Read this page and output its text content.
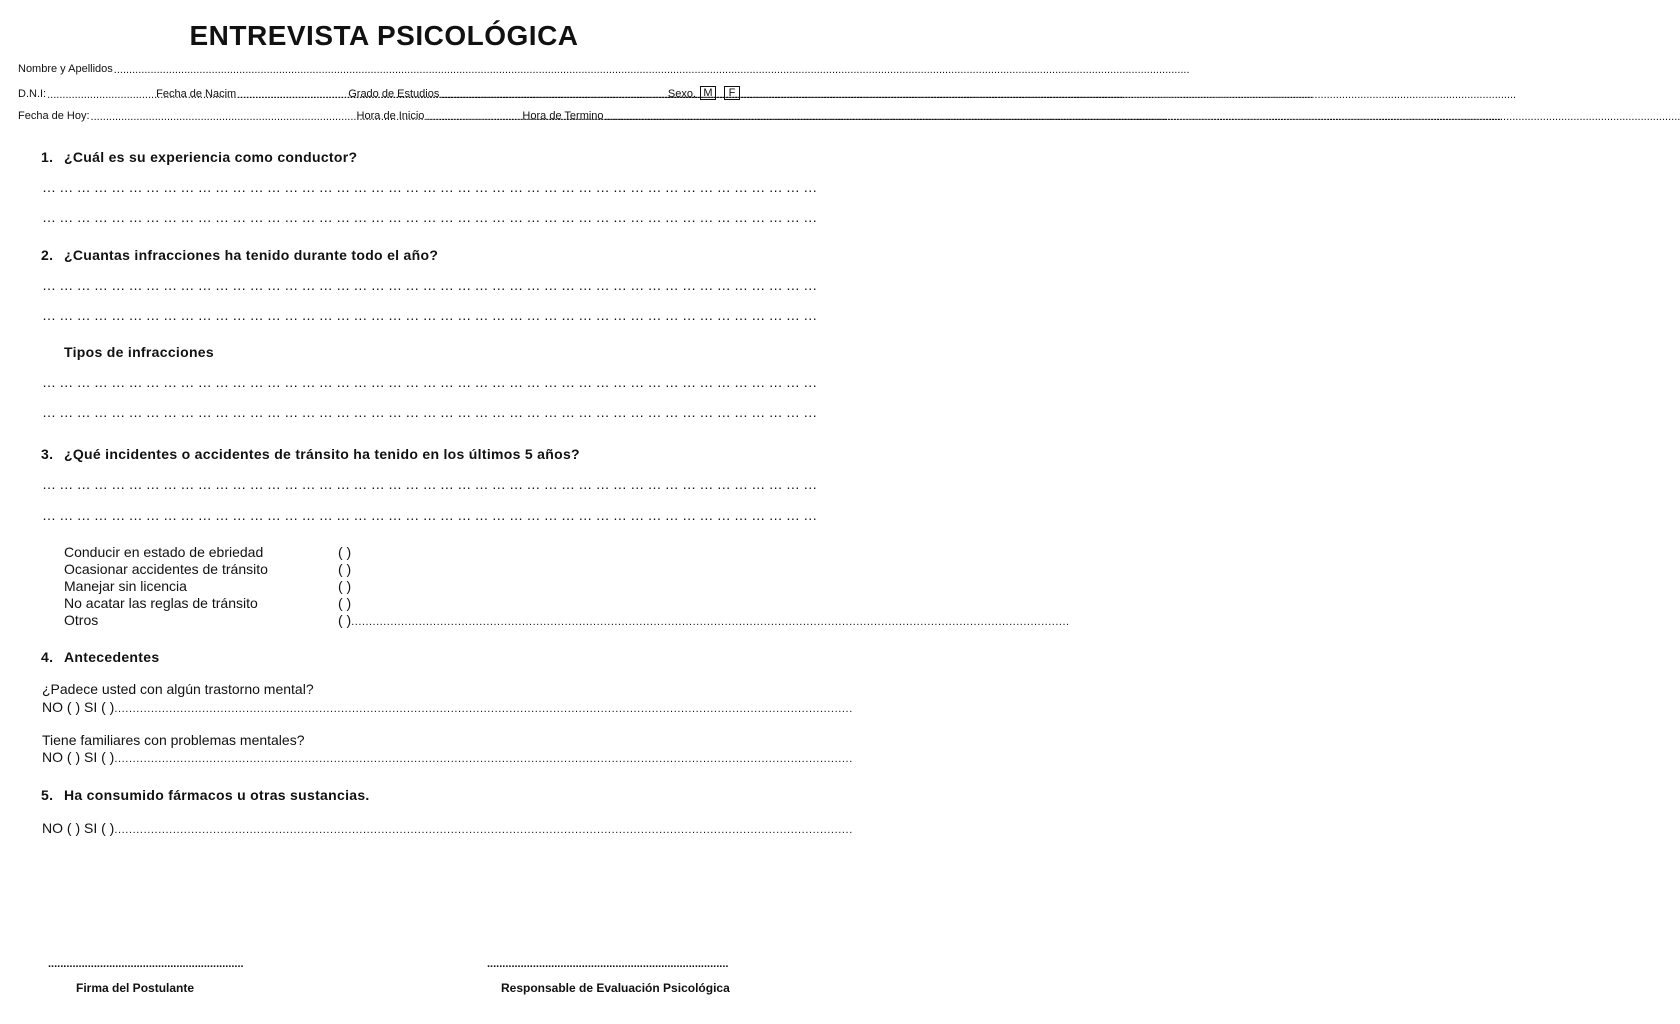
ENTREVISTA PSICOLÓGICA
Nombre y Apellidos
.....
D.N.I: .....	Fecha de Nacim .....	Grado de Estudios .....	Sexo . M	F
Fecha de Hoy: .....	Hora de Inicio .....	Hora de Termino
.....
1. ¿Cuál es su experiencia como conductor?
………………………………………………………………………………………………………………………
………………………………………………………………………………………………………………………
2. ¿Cuantas infracciones ha tenido durante todo el año?
………………………………………………………………………………………………………………………
………………………………………………………………………………………………………………………
Tipos de infracciones
………………………………………………………………………………………………………………………
………………………………………………………………………………………………………………………
3. ¿Qué incidentes o accidentes de tránsito ha tenido en los últimos 5 años?
………………………………………………………………………………………………………………………
………………………………………………………………………………………………………………………
Conducir en estado de ebriedad	( )
Ocasionar accidentes de tránsito	( )
Manejar sin licencia	( )
No acatar las reglas de tránsito	( )
Otros	( )..........................................................................................................................................................................................................
4. Antecedentes
¿Padece usted con algún trastorno mental?
NO ( ) SI ( )..........................................................................................................................................................................................................
Tiene familiares con problemas mentales?
NO ( ) SI ( )..........................................................................................................................................................................................................
5. Ha consumido fármacos u otras sustancias.
NO ( ) SI ( )..........................................................................................................................................................................................................
................................................................
Firma del Postulante
...............................................................................
Responsable de Evaluación Psicológica
